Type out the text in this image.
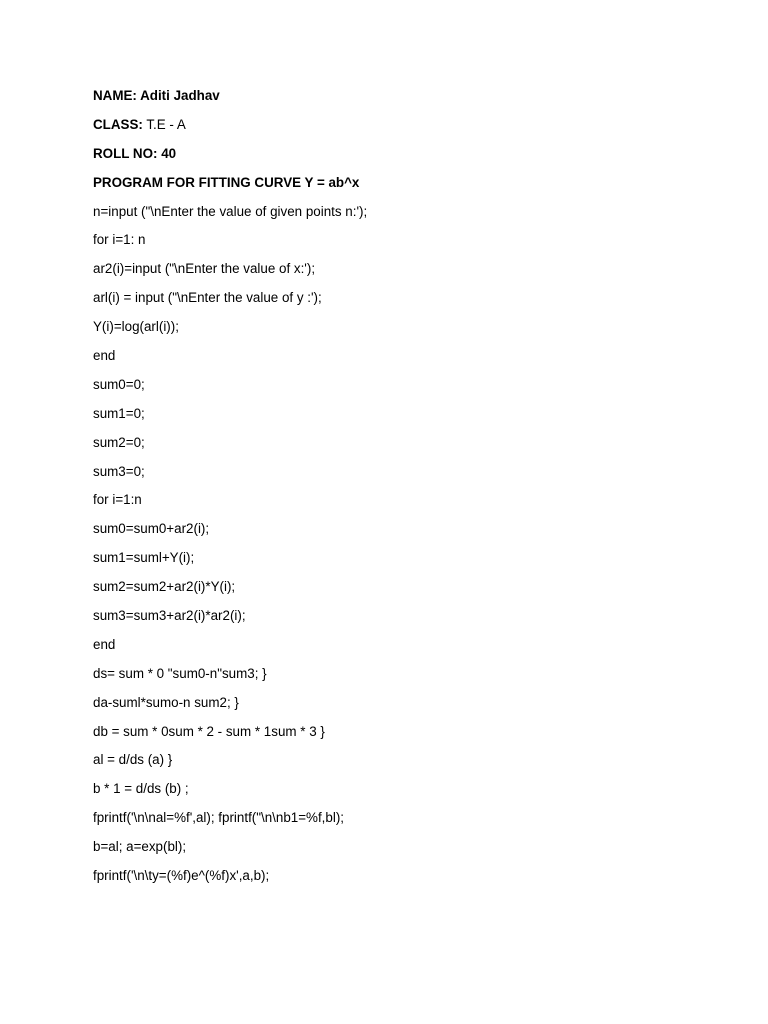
NAME: Aditi Jadhav
CLASS: T.E - A
ROLL NO: 40
PROGRAM FOR FITTING CURVE Y = ab^x
n=input ("\nEnter the value of given points n:');
for i=1: n
ar2(i)=input ("\nEnter the value of x:');
arl(i) = input ("\nEnter the value of y :');
Y(i)=log(arl(i));
end
sum0=0;
sum1=0;
sum2=0;
sum3=0;
for i=1:n
sum0=sum0+ar2(i);
sum1=suml+Y(i);
sum2=sum2+ar2(i)*Y(i);
sum3=sum3+ar2(i)*ar2(i);
end
ds= sum * 0 "sum0-n"sum3; }
da-suml*sumo-n sum2; }
db = sum * 0sum * 2 - sum * 1sum * 3 }
al = d/ds (a) }
b * 1 = d/ds (b) ;
fprintf('\n\nal=%f',al); fprintf("\n\nb1=%f,bl);
b=al; a=exp(bl);
fprintf('\n\ty=(%f)e^(%f)x',a,b);
